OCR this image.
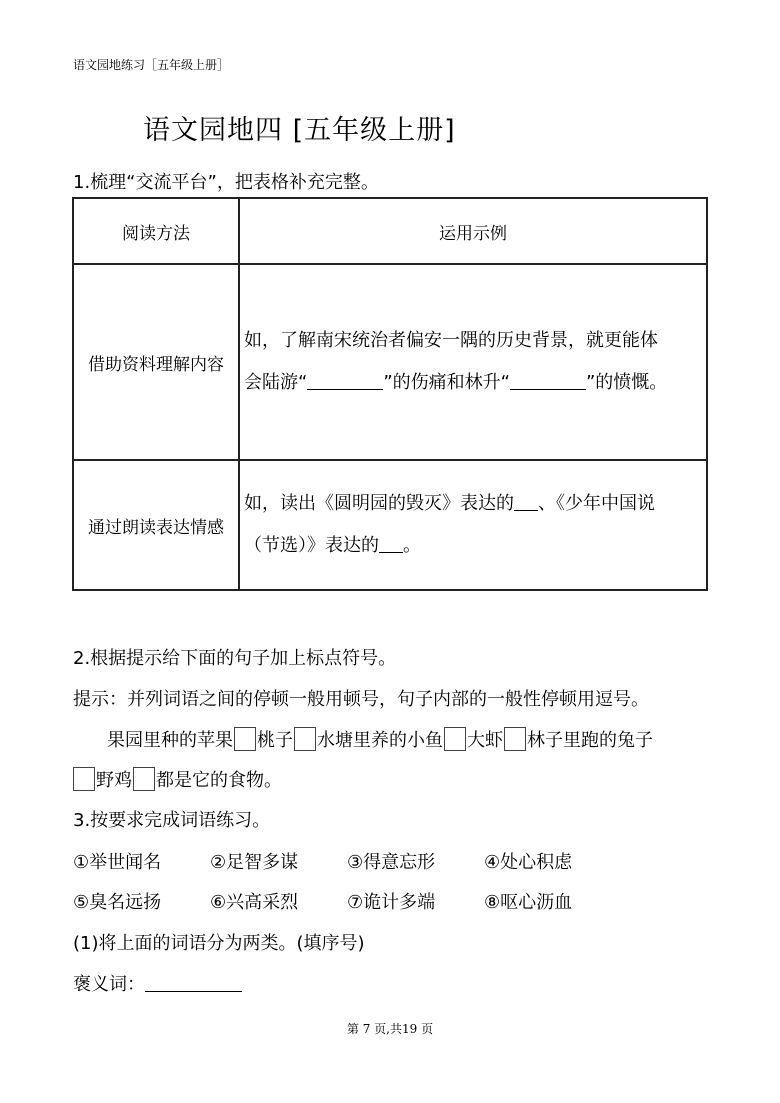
语文园地练习［五年级上册］
语文园地四 [五年级上册]
1.梳理“交流平台”，把表格补充完整。
阅读方法	运用示例
借助资料理解内容	如，了解南宋统治者偏安一隅的历史背景，就更能体
会陆游“ ”的伤痛和林升“ ”的愤慨。

通过朗读表达情感	如，读出《圆明园的毁灭》表达的 、《少年中国说
（节选）》表达的 。
2.根据提示给下面的句子加上标点符号。
提示：并列词语之间的停顿一般用顿号，句子内部的一般性停顿用逗号。
果园里种的苹果 桃子 水塘里养的小鱼 大虾 林子里跑的兔子
野鸡 都是它的食物。
3.按要求完成词语练习。
①举世闻名	②足智多谋	③得意忘形	④处心积虑
⑤臭名远扬	⑥兴高采烈	⑦诡计多端	⑧呕心沥血
(1)将上面的词语分为两类。(填序号)
褒义词：
第 7 页,共19 页
